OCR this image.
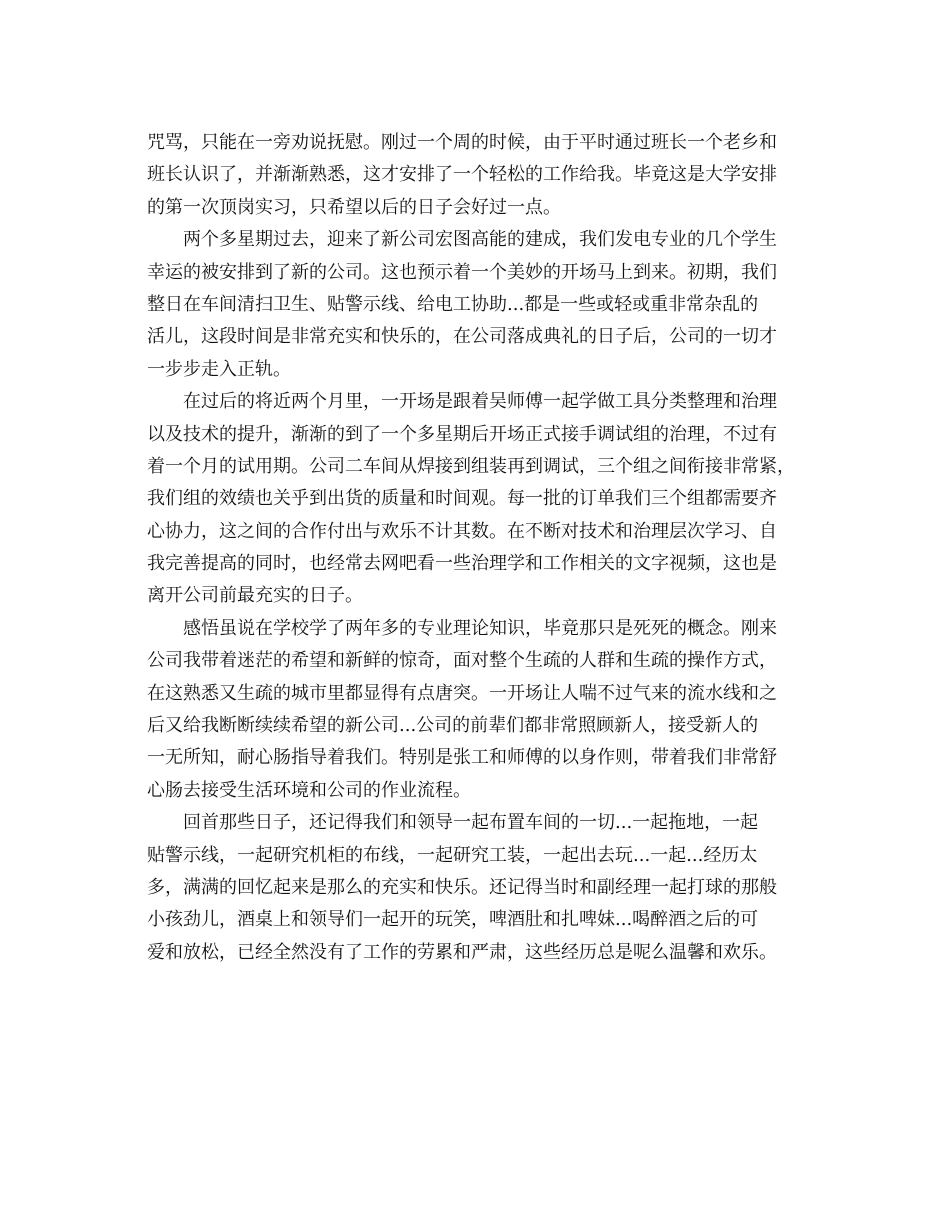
咒骂，只能在一旁劝说抚慰。刚过一个周的时候，由于平时通过班长一个老乡和
班长认识了，并渐渐熟悉，这才安排了一个轻松的工作给我。毕竟这是大学安排
的第一次顶岗实习，只希望以后的日子会好过一点。
两个多星期过去，迎来了新公司宏图高能的建成，我们发电专业的几个学生
幸运的被安排到了新的公司。这也预示着一个美妙的开场马上到来。初期，我们
整日在车间清扫卫生、贴警示线、给电工协助...都是一些或轻或重非常杂乱的
活儿，这段时间是非常充实和快乐的，在公司落成典礼的日子后，公司的一切才
一步步走入正轨。
在过后的将近两个月里，一开场是跟着吴师傅一起学做工具分类整理和治理
以及技术的提升，渐渐的到了一个多星期后开场正式接手调试组的治理，不过有
着一个月的试用期。公司二车间从焊接到组装再到调试，三个组之间衔接非常紧，
我们组的效绩也关乎到出货的质量和时间观。每一批的订单我们三个组都需要齐
心协力，这之间的合作付出与欢乐不计其数。在不断对技术和治理层次学习、自
我完善提高的同时，也经常去网吧看一些治理学和工作相关的文字视频，这也是
离开公司前最充实的日子。
感悟虽说在学校学了两年多的专业理论知识，毕竟那只是死死的概念。刚来
公司我带着迷茫的希望和新鲜的惊奇，面对整个生疏的人群和生疏的操作方式，
在这熟悉又生疏的城市里都显得有点唐突。一开场让人喘不过气来的流水线和之
后又给我断断续续希望的新公司...公司的前辈们都非常照顾新人，接受新人的
一无所知，耐心肠指导着我们。特别是张工和师傅的以身作则，带着我们非常舒
心肠去接受生活环境和公司的作业流程。
回首那些日子，还记得我们和领导一起布置车间的一切...一起拖地，一起
贴警示线，一起研究机柜的布线，一起研究工装，一起出去玩...一起...经历太
多，满满的回忆起来是那么的充实和快乐。还记得当时和副经理一起打球的那般
小孩劲儿，酒桌上和领导们一起开的玩笑，啤酒肚和扎啤妹...喝醉酒之后的可
爱和放松，已经全然没有了工作的劳累和严肃，这些经历总是呢么温馨和欢乐。
